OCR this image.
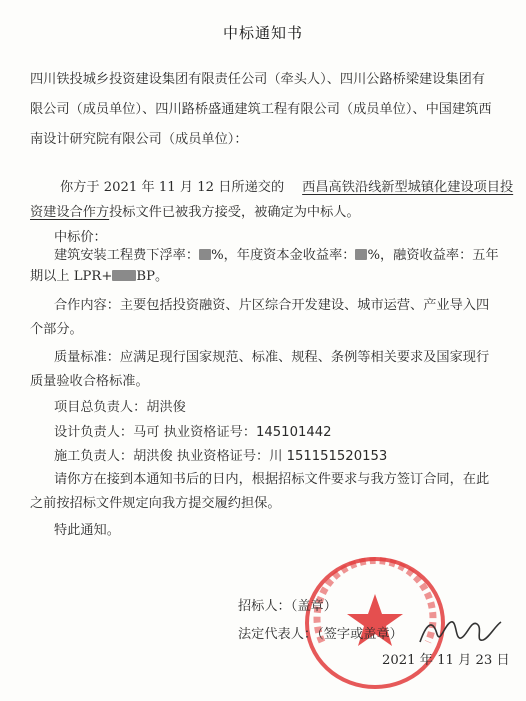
中标通知书
四川铁投城乡投资建设集团有限责任公司（牵头人）、四川公路桥梁建设集团有
限公司（成员单位）、四川路桥盛通建筑工程有限公司（成员单位）、中国建筑西
南设计研究院有限公司（成员单位）：
你方于 2021 年 11 月 12 日所递交的 西昌高铁沿线新型城镇化建设项目投
资建设合作方投标文件已被我方接受，被确定为中标人。
中标价：
建筑安装工程费下浮率： %，年度资本金收益率： %，融资收益率：五年
期以上 LPR+ BP。
合作内容：主要包括投资融资、片区综合开发建设、城市运营、产业导入四
个部分。
质量标准：应满足现行国家规范、标准、规程、条例等相关要求及国家现行
质量验收合格标准。
项目总负责人：胡洪俊
设计负责人：马可 执业资格证号：145101442
施工负责人：胡洪俊 执业资格证号：川 151151520153
请你方在接到本通知书后的日内，根据招标文件要求与我方签订合同，在此
之前按招标文件规定向我方提交履约担保。
特此通知。
招标人：（盖章）
法定代表人：（签字或盖章）
2021 年 11 月 23 日
